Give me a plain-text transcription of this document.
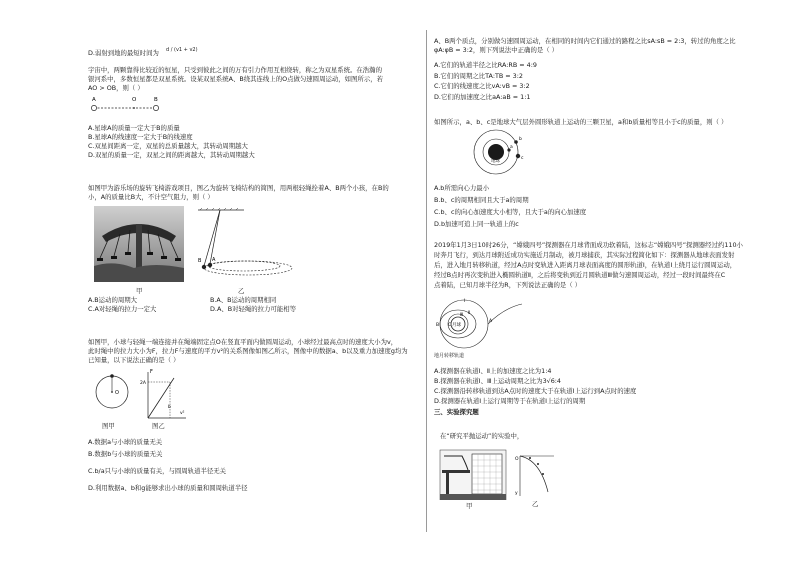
D.弱射到地的最短时间为 d / (v1 + v2)
宇宙中，两颗靠得比较近的恒星，只受到彼此之间的万有引力作用互相绕转，称之为双星系统。在浩瀚的
银河系中，多数恒星都是双星系统。设某双星系统A、B绕其连线上的O点做匀速圆周运动，如图所示，若
AO > OB，则（ ）
A	O	B
A.星球A的质量一定大于B的质量
B.星球A的线速度一定大于B的线速度
C.双星间距离一定，双星的总质量越大，其转动周期越大
D.双星的质量一定，双星之间的距离越大，其转动周期越大
如图甲为游乐场的旋转飞椅游戏项目，图乙为旋转飞椅结构的简图，用两根轻绳拴着A、B两个小孩，在B的
小，A的质量比B大，不计空气阻力，则（ ）
甲
B A
乙
A.B运动的周期大
C.A对轻绳的拉力一定大
B.A、B运动的周期相同
D.A、B对轻绳的拉力可能相等
如图甲，小球与轻绳一端连接并在绳端固定点O在竖直平面内做圆周运动，小球经过最高点时的速度大小为v，
此时绳中的拉力大小为F，拉力F与速度的平方v²的关系图像如图乙所示，图像中的数据a、b以及重力加速度g均为
已知量，以下说法正确的是（ ）
O
图甲
F
2A
b
v²
图乙
A.数据a与小球的质量无关
B.数据b与小球的质量无关
C.b/a只与小球的质量有关，与圆周轨道半径无关
D.利用数据a、b和g能够求出小球的质量和圆周轨道半径
A、B两个质点，分别做匀速圆周运动，在相同的时间内它们通过的路程之比sA:sB = 2:3，转过的角度之比
φA:φB = 3:2，则下列说法中正确的是（ ）
A.它们的轨道半径之比RA:RB = 4:9
B.它们的周期之比TA:TB = 3:2
C.它们的线速度之比vA:vB = 3:2
D.它们的加速度之比aA:aB = 1:1
如图所示，a、b、c是地球大气层外圆形轨道上运动的三颗卫星，a和b质量相等且小于c的质量，则（ ）
地球
a
b
c
A.b所需向心力最小
B.b、c的周期相同且大于a的周期
C.b、c的向心加速度大小相等，且大于a的向心加速度
D.b加速可追上同一轨道上的c
2019年1月3日10时26分，“嫦娥四号”探测器在月球背面成功软着陆，这标志“嫦娥四号”探测器经过约110小
时奔月飞行，到达月球附近成功实施近月制动，被月球捕获，其实际过程简化如下：探测器从地球表面发射
后，进入地月转移轨道，经过A点时变轨进入距离月球表面高度的圆形轨道Ⅰ，在轨道Ⅰ上绕月运行圆周运动，
经过B点时再次变轨进入椭圆轨道Ⅱ，之后将变轨到近月圆轨道Ⅲ做匀速圆周运动，经过一段时间最终在C
点着陆，已知月球半径为R，下列说法正确的是（ ）
月球
Ⅰ
Ⅱ
Ⅲ
A
B C
地月转移轨道
A.探测器在轨道Ⅰ、Ⅱ上的加速度之比为1:4
B.探测器在轨道Ⅰ、Ⅲ上运动周期之比为3√6:4
C.探测器沿转移轨道到达A点时的速度大于在轨道Ⅰ上运行到A点时的速度
D.探测器在轨道Ⅰ上运行周期等于在轨道Ⅰ上运行的周期
三、实验探究题
在“研究平抛运动”的实验中，
甲
O
y
乙
